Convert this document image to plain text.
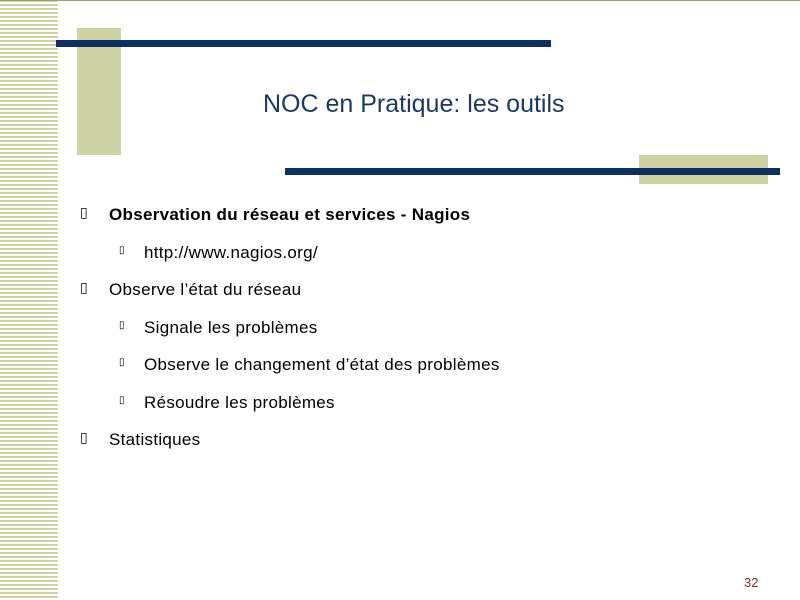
NOC en Pratique: les outils
▯ Observation du réseau et services - Nagios
▯ http://www.nagios.org/
▯ Observe l’état du réseau
▯ Signale les problèmes
▯ Observe le changement d’état des problèmes
▯ Résoudre les problèmes
▯ Statistiques
32
